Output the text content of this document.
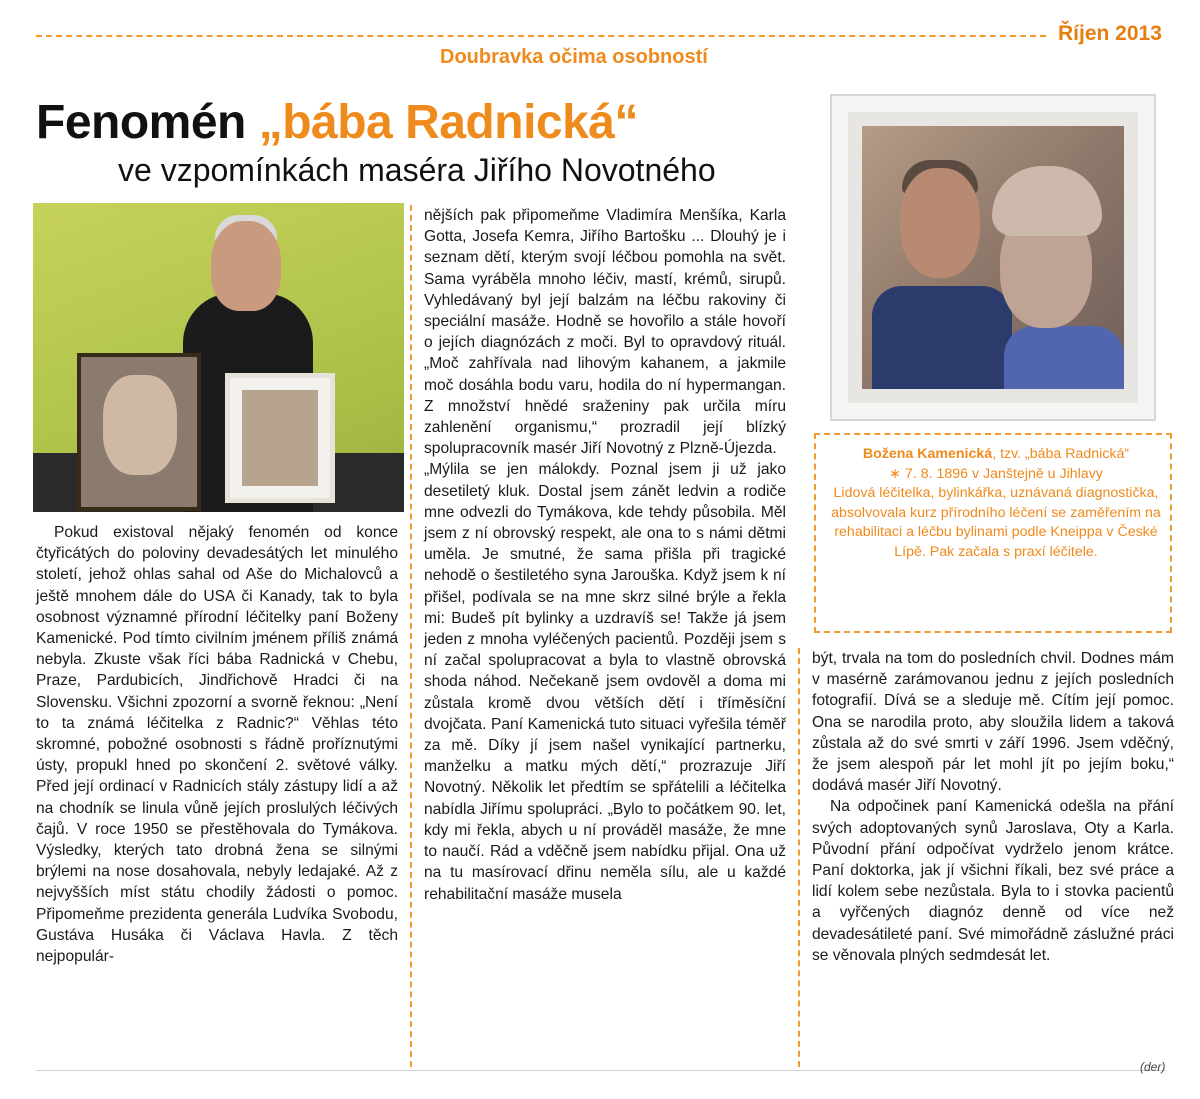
Říjen 2013
Doubravka očima osobností
Fenomén „bába Radnická“
ve vzpomínkách maséra Jiřího Novotného

Božena Kamenická, tzv. „bába Radnická“

∗ 7. 8. 1896 v Janštejně u Jihlavy

Lidová léčitelka, bylinkářka, uznávaná diagnostička, absolvovala kurz přírodního léčení se zaměřením na rehabilitaci a léčbu bylinami podle Kneippa v České Lípě. Pak začala s praxí léčitele.

Pokud existoval nějaký fenomén od konce čtyřicátých do poloviny devadesátých let minulého století, jehož ohlas sahal od Aše do Michalovců a ještě mnohem dále do USA či Kanady, tak to byla osobnost významné přírodní léčitelky paní Boženy Kamenické. Pod tímto civilním jménem příliš známá nebyla. Zkuste však říci bába Radnická v Chebu, Praze, Pardubicích, Jindřichově Hradci či na Slovensku. Všichni zpozorní a svorně řeknou: „Není to ta známá léčitelka z Radnic?“ Věhlas této skromné, pobožné osobnosti s řádně proříznutými ústy, propukl hned po skončení 2. světové války. Před její ordinací v Radnicích stály zástupy lidí a až na chodník se linula vůně jejích proslulých léčivých čajů. V roce 1950 se přestěhovala do Tymákova. Výsledky, kterých tato drobná žena se silnými brýlemi na nose dosahovala, nebyly ledajaké. Až z nejvyšších míst státu chodily žádosti o pomoc. Připomeňme prezidenta generála Ludvíka Svobodu, Gustáva Husáka či Václava Havla. Z těch nejpopulár-

nějších pak připomeňme Vladimíra Menšíka, Karla Gotta, Josefa Kemra, Jiřího Bartošku ... Dlouhý je i seznam dětí, kterým svojí léčbou pomohla na svět. Sama vyráběla mnoho léčiv, mastí, krémů, sirupů. Vyhledávaný byl její balzám na léčbu rakoviny či speciální masáže. Hodně se hovořilo a stále hovoří o jejích diagnózách z moči. Byl to opravdový rituál. „Moč zahřívala nad lihovým kahanem, a jakmile moč dosáhla bodu varu, hodila do ní hypermangan. Z množství hnědé sraženiny pak určila míru zahlenění organismu,“ prozradil její blízký spolupracovník masér Jiří Novotný z Plzně-Újezda.

„Mýlila se jen málokdy. Poznal jsem ji už jako desetiletý kluk. Dostal jsem zánět ledvin a rodiče mne odvezli do Tymákova, kde tehdy působila. Měl jsem z ní obrovský respekt, ale ona to s námi dětmi uměla. Je smutné, že sama přišla při tragické nehodě o šestiletého syna Jarouška. Když jsem k ní přišel, podívala se na mne skrz silné brýle a řekla mi: Budeš pít bylinky a uzdravíš se! Takže já jsem jeden z mnoha vyléčených pacientů. Později jsem s ní začal spolupracovat a byla to vlastně obrovská shoda náhod. Nečekaně jsem ovdověl a doma mi zůstala kromě dvou větších dětí i tříměsíční dvojčata. Paní Kamenická tuto situaci vyřešila téměř za mě. Díky jí jsem našel vynikající partnerku, manželku a matku mých dětí,“ prozrazuje Jiří Novotný. Několik let předtím se spřátelili a léčitelka nabídla Jiřímu spolupráci. „Bylo to počátkem 90. let, kdy mi řekla, abych u ní prováděl masáže, že mne to naučí. Rád a vděčně jsem nabídku přijal. Ona už na tu masírovací dřinu neměla sílu, ale u každé rehabilitační masáže musela

být, trvala na tom do posledních chvil. Dodnes mám v masérně zarámovanou jednu z jejích posledních fotografií. Dívá se a sleduje mě. Cítím její pomoc. Ona se narodila proto, aby sloužila lidem a taková zůstala až do své smrti v září 1996. Jsem vděčný, že jsem alespoň pár let mohl jít po jejím boku,“ dodává masér Jiří Novotný.

Na odpočinek paní Kamenická odešla na přání svých adoptovaných synů Jaroslava, Oty a Karla. Původní přání odpočívat vydrželo jenom krátce. Paní doktorka, jak jí všichni říkali, bez své práce a lidí kolem sebe nezůstala. Byla to i stovka pacientů a vyřčených diagnóz denně od více než devadesátileté paní. Své mimořádně záslužné práci se věnovala plných sedmdesát let.

(der)
